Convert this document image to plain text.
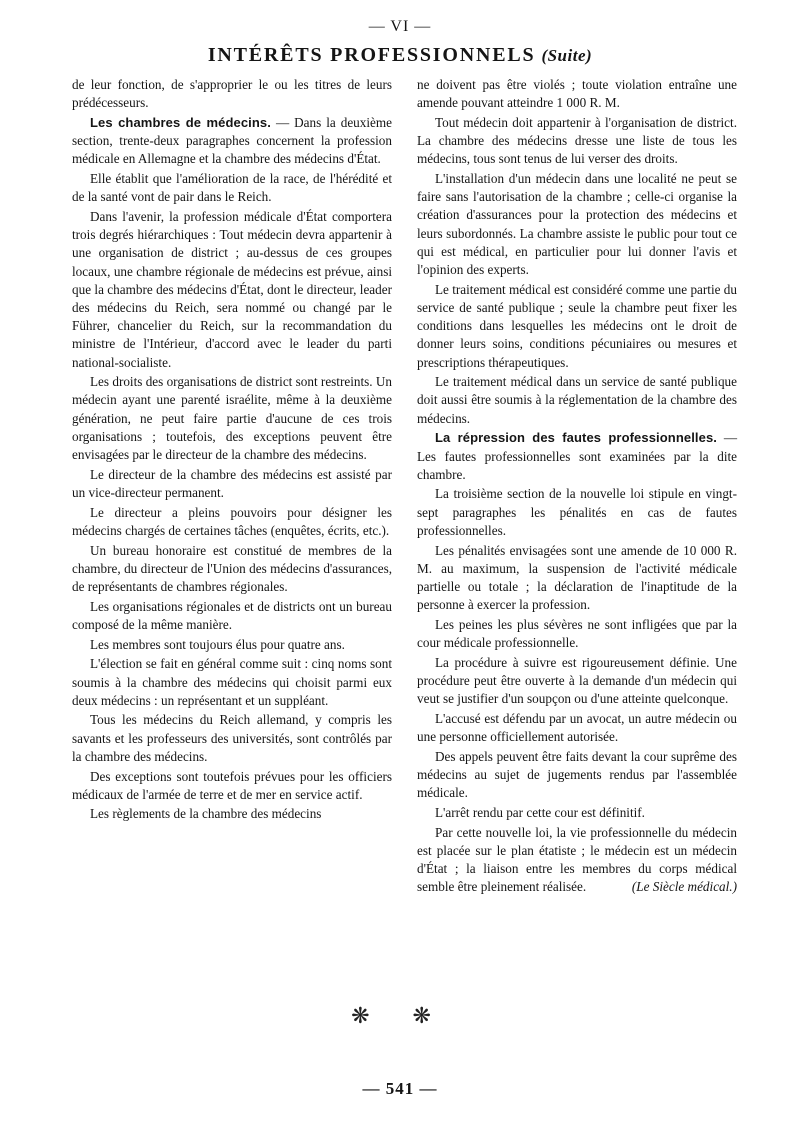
— VI —
INTÉRÊTS PROFESSIONNELS (Suite)

de leur fonction, de s'approprier le ou les titres de leurs prédécesseurs.

Les chambres de médecins. — Dans la deuxième section, trente-deux paragraphes concernent la profession médicale en Allemagne et la chambre des médecins d'État.

Elle établit que l'amélioration de la race, de l'hérédité et de la santé vont de pair dans le Reich.

Dans l'avenir, la profession médicale d'État comportera trois degrés hiérarchiques : Tout médecin devra appartenir à une organisation de district ; au-dessus de ces groupes locaux, une chambre régionale de médecins est prévue, ainsi que la chambre des médecins d'État, dont le directeur, leader des médecins du Reich, sera nommé ou changé par le Führer, chancelier du Reich, sur la recommandation du ministre de l'Intérieur, d'accord avec le leader du parti national-socialiste.

Les droits des organisations de district sont restreints. Un médecin ayant une parenté israélite, même à la deuxième génération, ne peut faire partie d'aucune de ces trois organisations ; toutefois, des exceptions peuvent être envisagées par le directeur de la chambre des médecins.

Le directeur de la chambre des médecins est assisté par un vice-directeur permanent.

Le directeur a pleins pouvoirs pour désigner les médecins chargés de certaines tâches (enquêtes, écrits, etc.).

Un bureau honoraire est constitué de membres de la chambre, du directeur de l'Union des médecins d'assurances, de représentants de chambres régionales.

Les organisations régionales et de districts ont un bureau composé de la même manière.

Les membres sont toujours élus pour quatre ans.

L'élection se fait en général comme suit : cinq noms sont soumis à la chambre des médecins qui choisit parmi eux deux médecins : un représentant et un suppléant.

Tous les médecins du Reich allemand, y compris les savants et les professeurs des universités, sont contrôlés par la chambre des médecins.

Des exceptions sont toutefois prévues pour les officiers médicaux de l'armée de terre et de mer en service actif.

Les règlements de la chambre des médecins

ne doivent pas être violés ; toute violation entraîne une amende pouvant atteindre 1 000 R. M.

Tout médecin doit appartenir à l'organisation de district. La chambre des médecins dresse une liste de tous les médecins, tous sont tenus de lui verser des droits.

L'installation d'un médecin dans une localité ne peut se faire sans l'autorisation de la chambre ; celle-ci organise la création d'assurances pour la protection des médecins et leurs subordonnés. La chambre assiste le public pour tout ce qui est médical, en particulier pour lui donner l'avis et l'opinion des experts.

Le traitement médical est considéré comme une partie du service de santé publique ; seule la chambre peut fixer les conditions dans lesquelles les médecins ont le droit de donner leurs soins, conditions pécuniaires ou mesures et prescriptions thérapeutiques.

Le traitement médical dans un service de santé publique doit aussi être soumis à la réglementation de la chambre des médecins.

La répression des fautes professionnelles. — Les fautes professionnelles sont examinées par la dite chambre.

La troisième section de la nouvelle loi stipule en vingt-sept paragraphes les pénalités en cas de fautes professionnelles.

Les pénalités envisagées sont une amende de 10 000 R. M. au maximum, la suspension de l'activité médicale partielle ou totale ; la déclaration de l'inaptitude de la personne à exercer la profession.

Les peines les plus sévères ne sont infligées que par la cour médicale professionnelle.

La procédure à suivre est rigoureusement définie. Une procédure peut être ouverte à la demande d'un médecin qui veut se justifier d'un soupçon ou d'une atteinte quelconque.

L'accusé est défendu par un avocat, un autre médecin ou une personne officiellement autorisée.

Des appels peuvent être faits devant la cour suprême des médecins au sujet de jugements rendus par l'assemblée médicale.

L'arrêt rendu par cette cour est définitif.

Par cette nouvelle loi, la vie professionnelle du médecin est placée sur le plan étatiste ; le médecin est un médecin d'État ; la liaison entre les membres du corps médical semble être pleinement réalisée.	(Le Siècle médical.)

❋ ❋
— 541 —
